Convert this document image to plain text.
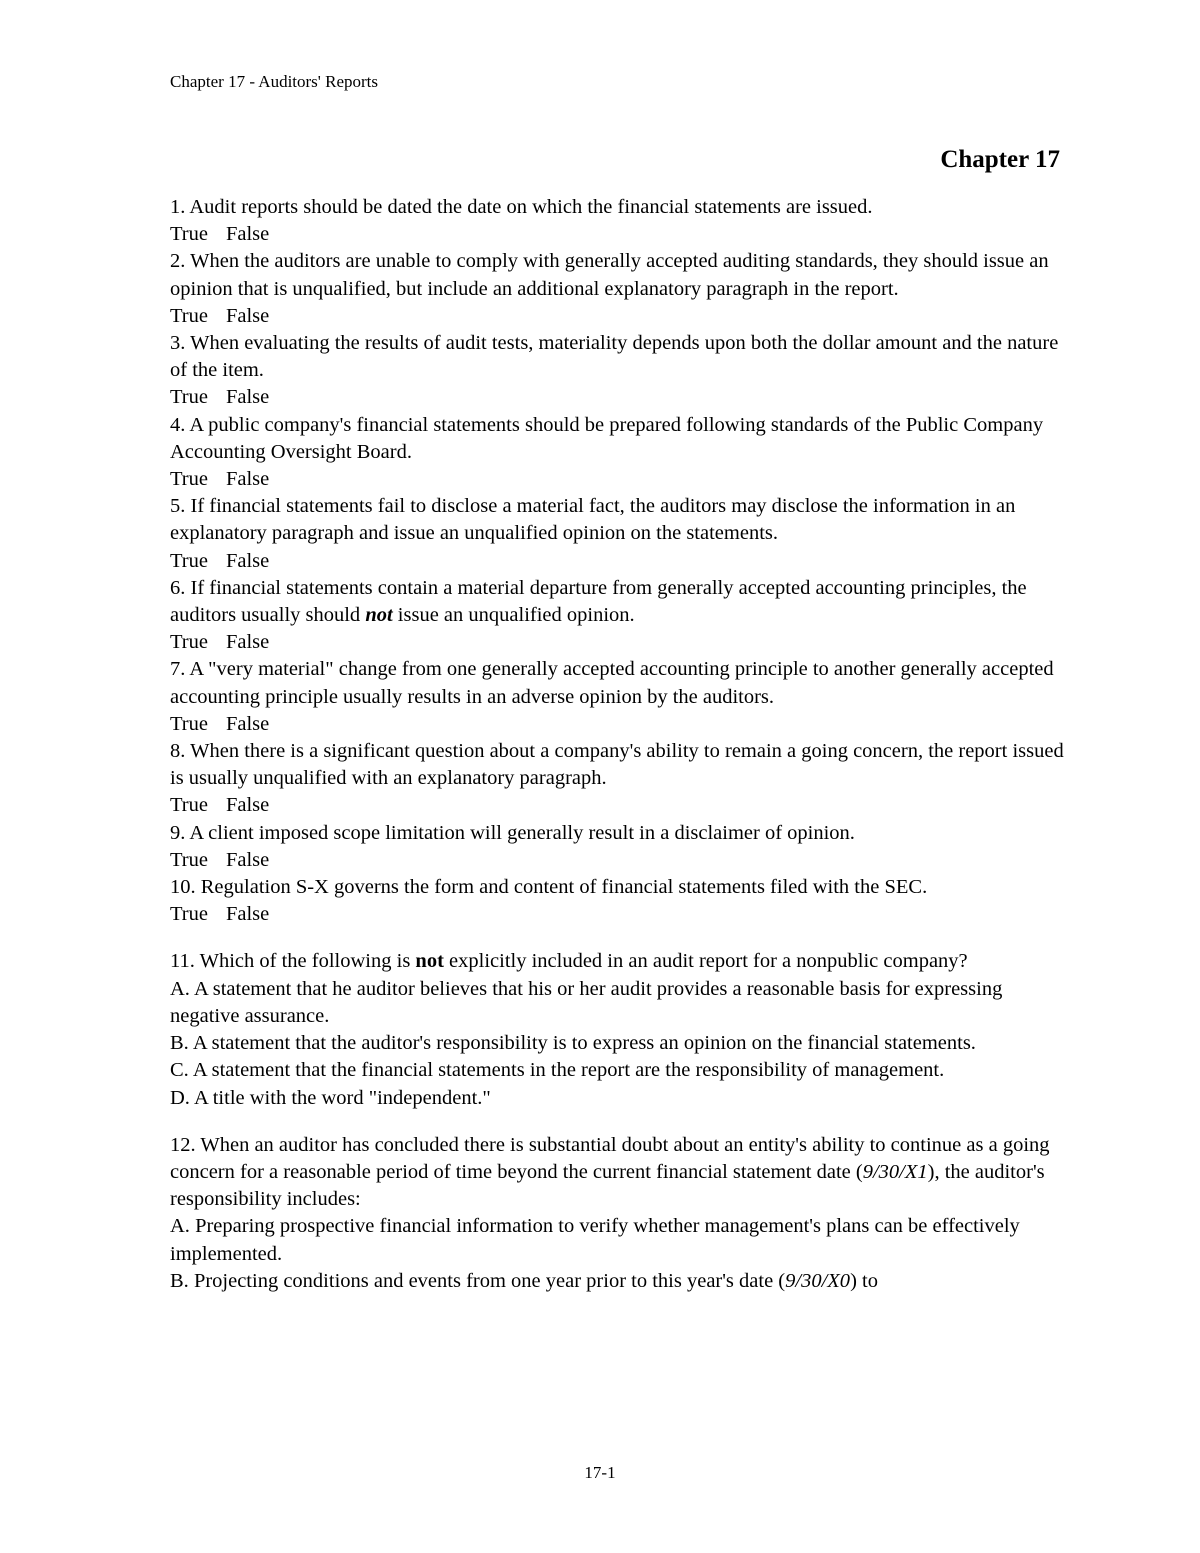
Chapter 17 - Auditors' Reports
Chapter 17

1. Audit reports should be dated the date on which the financial statements are issued.

True False

2. When the auditors are unable to comply with generally accepted auditing standards, they should issue an opinion that is unqualified, but include an additional explanatory paragraph in the report.

True False

3. When evaluating the results of audit tests, materiality depends upon both the dollar amount and the nature of the item.

True False

4. A public company's financial statements should be prepared following standards of the Public Company Accounting Oversight Board.

True False

5. If financial statements fail to disclose a material fact, the auditors may disclose the information in an explanatory paragraph and issue an unqualified opinion on the statements.

True False

6. If financial statements contain a material departure from generally accepted accounting principles, the auditors usually should not issue an unqualified opinion.

True False

7. A "very material" change from one generally accepted accounting principle to another generally accepted accounting principle usually results in an adverse opinion by the auditors.

True False

8. When there is a significant question about a company's ability to remain a going concern, the report issued is usually unqualified with an explanatory paragraph.

True False

9. A client imposed scope limitation will generally result in a disclaimer of opinion.

True False

10. Regulation S-X governs the form and content of financial statements filed with the SEC.

True False

11. Which of the following is not explicitly included in an audit report for a nonpublic company?

A. A statement that he auditor believes that his or her audit provides a reasonable basis for expressing negative assurance.

B. A statement that the auditor's responsibility is to express an opinion on the financial statements.

C. A statement that the financial statements in the report are the responsibility of management.

D. A title with the word "independent."

12. When an auditor has concluded there is substantial doubt about an entity's ability to continue as a going concern for a reasonable period of time beyond the current financial statement date (9/30/X1), the auditor's responsibility includes:

A. Preparing prospective financial information to verify whether management's plans can be effectively implemented.

B. Projecting conditions and events from one year prior to this year's date (9/30/X0) to

17-1
